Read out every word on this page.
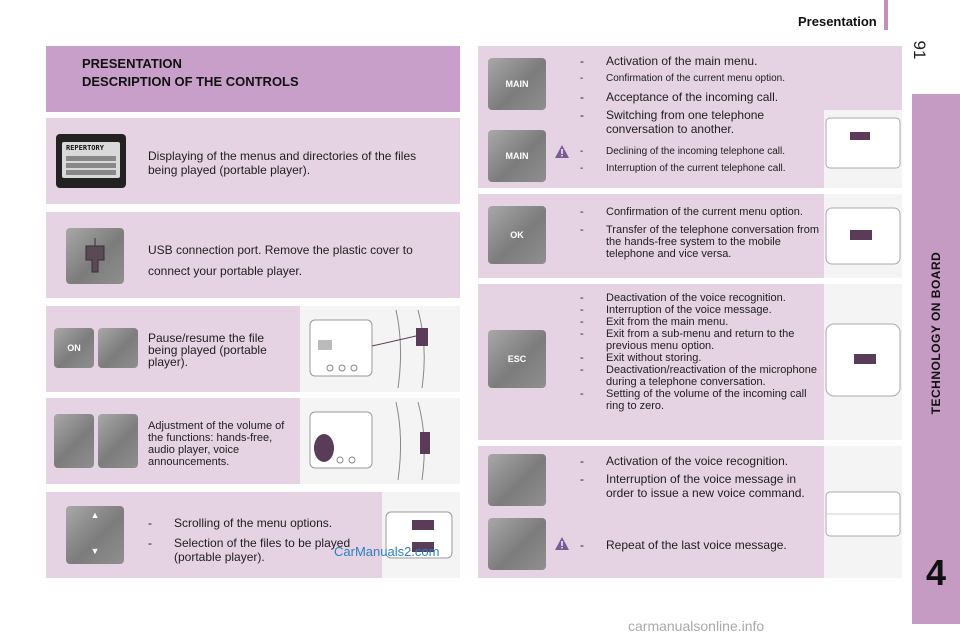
Presentation
91
TECHNOLOGY ON BOARD
4
PRESENTATION
DESCRIPTION OF THE CONTROLS
REPERTORY
Displaying of the menus and directories of the files being played (portable player).
USB connection port. Remove the plastic cover to connect your portable player.
ON
Pause/resume the file being played (portable player).
Adjustment of the volume of the functions: hands-free, audio player, voice announcements.
▲
▼
- Scrolling of the menu options.
- Selection of the files to be played (portable player).	CarManuals2.com
MAIN
MAIN
- Activation of the main menu.
- Confirmation of the current menu option.
- Acceptance of the incoming call.
- Switching from one telephone conversation to another.
- Declining of the incoming telephone call.
- Interruption of the current telephone call.
OK
- Confirmation of the current menu option.
- Transfer of the telephone conversation from the hands-free system to the mobile telephone and vice versa.
ESC
- Deactivation of the voice recognition.
- Interruption of the voice message.
- Exit from the main menu.
- Exit from a sub-menu and return to the previous menu option.
- Exit without storing.
- Deactivation/reactivation of the microphone during a telephone conversation.
- Setting of the volume of the incoming call ring to zero.
- Activation of the voice recognition.
- Interruption of the voice message in order to issue a new voice command.
- Repeat of the last voice message.
carmanualsonline.info
